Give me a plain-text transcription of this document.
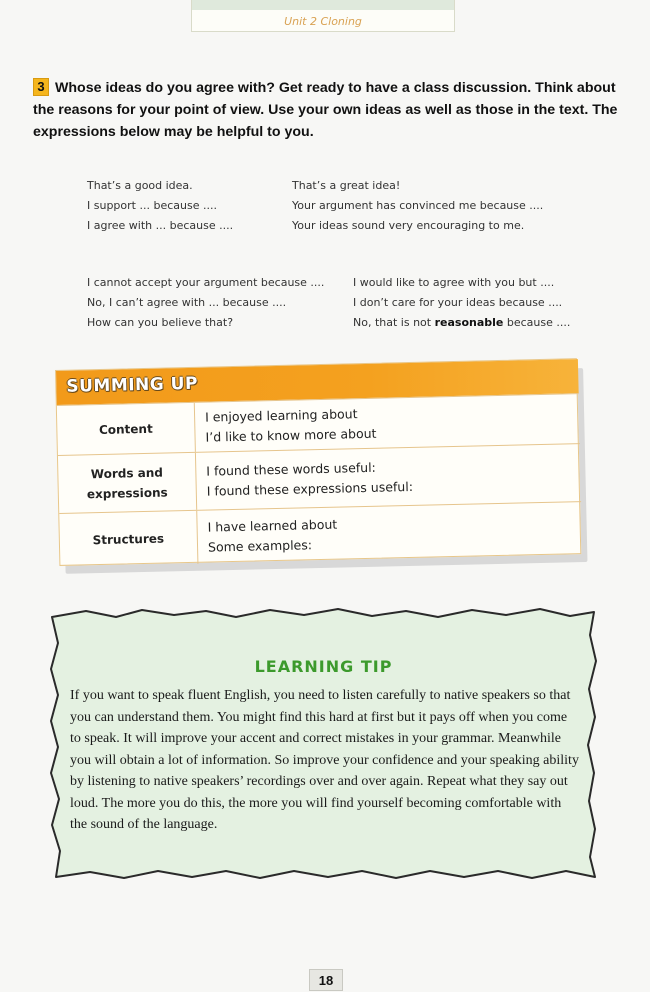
Unit 2 Cloning
3 Whose ideas do you agree with? Get ready to have a class discussion. Think about the reasons for your point of view. Use your own ideas as well as those in the text. The expressions below may be helpful to you.
That’s a good idea.
I support ... because ....
I agree with ... because ....
That’s a great idea!
Your argument has convinced me because ....
Your ideas sound very encouraging to me.
I cannot accept your argument because ....
No, I can’t agree with ... because ....
How can you believe that?
I would like to agree with you but ....
I don’t care for your ideas because ....
No, that is not reasonable because ....
SUMMING UP
Content
I enjoyed learning about
I’d like to know more about
Words and expressions
I found these words useful:
I found these expressions useful:
Structures
I have learned about
Some examples:
LEARNING TIP
If you want to speak fluent English, you need to listen carefully to native speakers so that you can understand them. You might find this hard at first but it pays off when you come to speak. It will improve your accent and correct mistakes in your grammar. Meanwhile you will obtain a lot of information. So improve your confidence and your speaking ability by listening to native speakers’ recordings over and over again. Repeat what they say out loud. The more you do this, the more you will find yourself becoming comfortable with the sound of the language.
18
